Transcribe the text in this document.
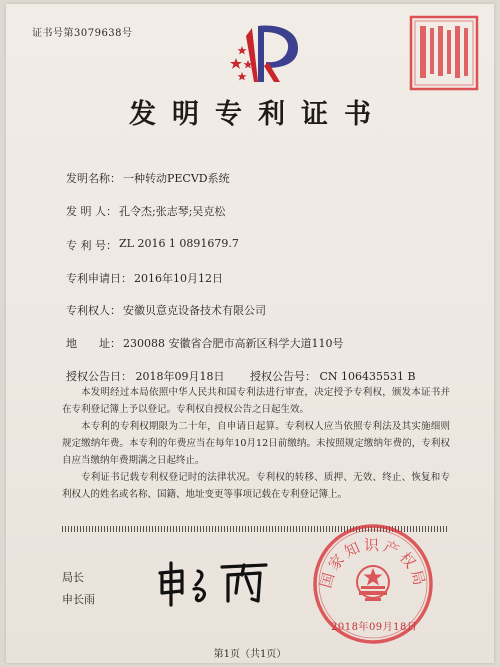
证书号第3079638号
发明专利证书
发明名称： 一种转动PECVD系统
发 明 人： 孔令杰;张志琴;吴克松
专 利 号： ZL 2016 1 0891679.7
专利申请日： 2016年10月12日
专利权人： 安徽贝意克设备技术有限公司
地　　址： 230088 安徽省合肥市高新区科学大道110号
授权公告日： 2018年09月18日 授权公告号： CN 106435531 B

本发明经过本局依照中华人民共和国专利法进行审查，决定授予专利权，颁发本证书并在专利登记簿上予以登记。专利权自授权公告之日起生效。

本专利的专利权期限为二十年，自申请日起算。专利权人应当依照专利法及其实施细则规定缴纳年费。本专利的年费应当在每年10月12日前缴纳。未按照规定缴纳年费的，专利权自应当缴纳年费期满之日起终止。

专利证书记载专利权登记时的法律状况。专利权的转移、质押、无效、终止、恢复和专利权人的姓名或名称、国籍、地址变更等事项记载在专利登记簿上。

局长
申长雨
国家知识产权局
2018年09月18日
第1页（共1页）
